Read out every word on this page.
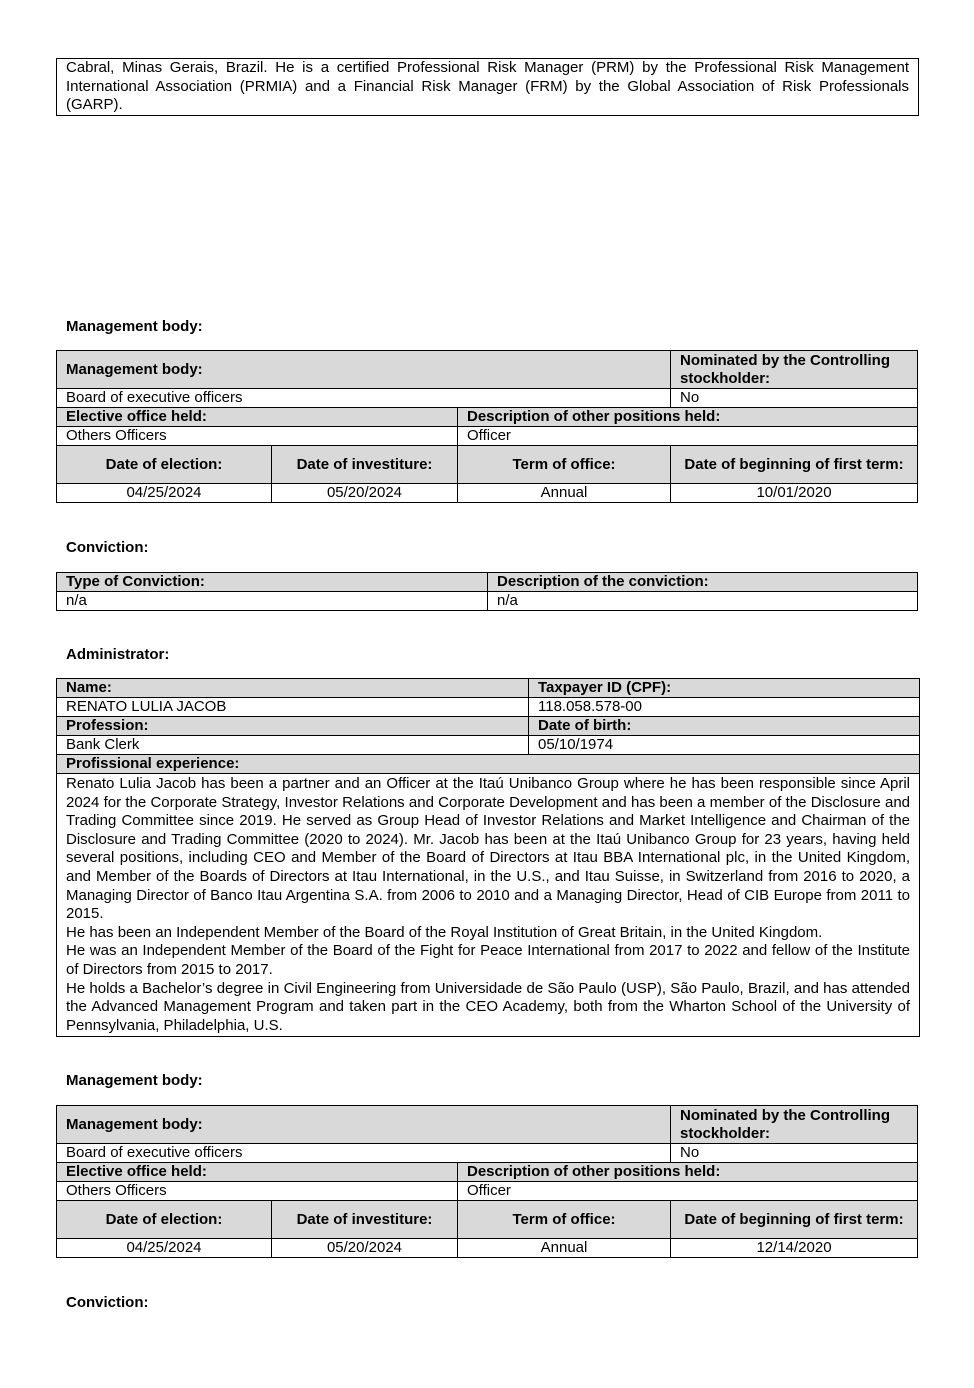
Cabral, Minas Gerais, Brazil. He is a certified Professional Risk Manager (PRM) by the Professional Risk Management International Association (PRMIA) and a Financial Risk Manager (FRM) by the Global Association of Risk Professionals (GARP).
Management body:
Management body:			Nominated by the Controlling stockholder:
Board of executive officers			No
Elective office held:		Description of other positions held:	
Others Officers		Officer	
Date of election:	Date of investiture:	Term of office:	Date of beginning of first term:
04/25/2024	05/20/2024	Annual	10/01/2020
Conviction:
Type of Conviction:	Description of the conviction:
n/a	n/a
Administrator:
Name:	Taxpayer ID (CPF):
RENATO LULIA JACOB	118.058.578-00
Profession:	Date of birth:
Bank Clerk	05/10/1974
Profissional experience:	

Renato Lulia Jacob has been a partner and an Officer at the Itaú Unibanco Group where he has been responsible since April 2024 for the Corporate Strategy, Investor Relations and Corporate Development and has been a member of the Disclosure and Trading Committee since 2019. He served as Group Head of Investor Relations and Market Intelligence and Chairman of the Disclosure and Trading Committee (2020 to 2024). Mr. Jacob has been at the Itaú Unibanco Group for 23 years, having held several positions, including CEO and Member of the Board of Directors at Itau BBA International plc, in the United Kingdom, and Member of the Boards of Directors at Itau International, in the U.S., and Itau Suisse, in Switzerland from 2016 to 2020, a Managing Director of Banco Itau Argentina S.A. from 2006 to 2010 and a Managing Director, Head of CIB Europe from 2011 to 2015.
He has been an Independent Member of the Board of the Royal Institution of Great Britain, in the United Kingdom.
He was an Independent Member of the Board of the Fight for Peace International from 2017 to 2022 and fellow of the Institute of Directors from 2015 to 2017.
He holds a Bachelor’s degree in Civil Engineering from Universidade de São Paulo (USP), São Paulo, Brazil, and has attended the Advanced Management Program and taken part in the CEO Academy, both from the Wharton School of the University of Pennsylvania, Philadelphia, U.S.	
Management body:
Management body:			Nominated by the Controlling stockholder:
Board of executive officers			No
Elective office held:		Description of other positions held:	
Others Officers		Officer	
Date of election:	Date of investiture:	Term of office:	Date of beginning of first term:
04/25/2024	05/20/2024	Annual	12/14/2020
Conviction:
